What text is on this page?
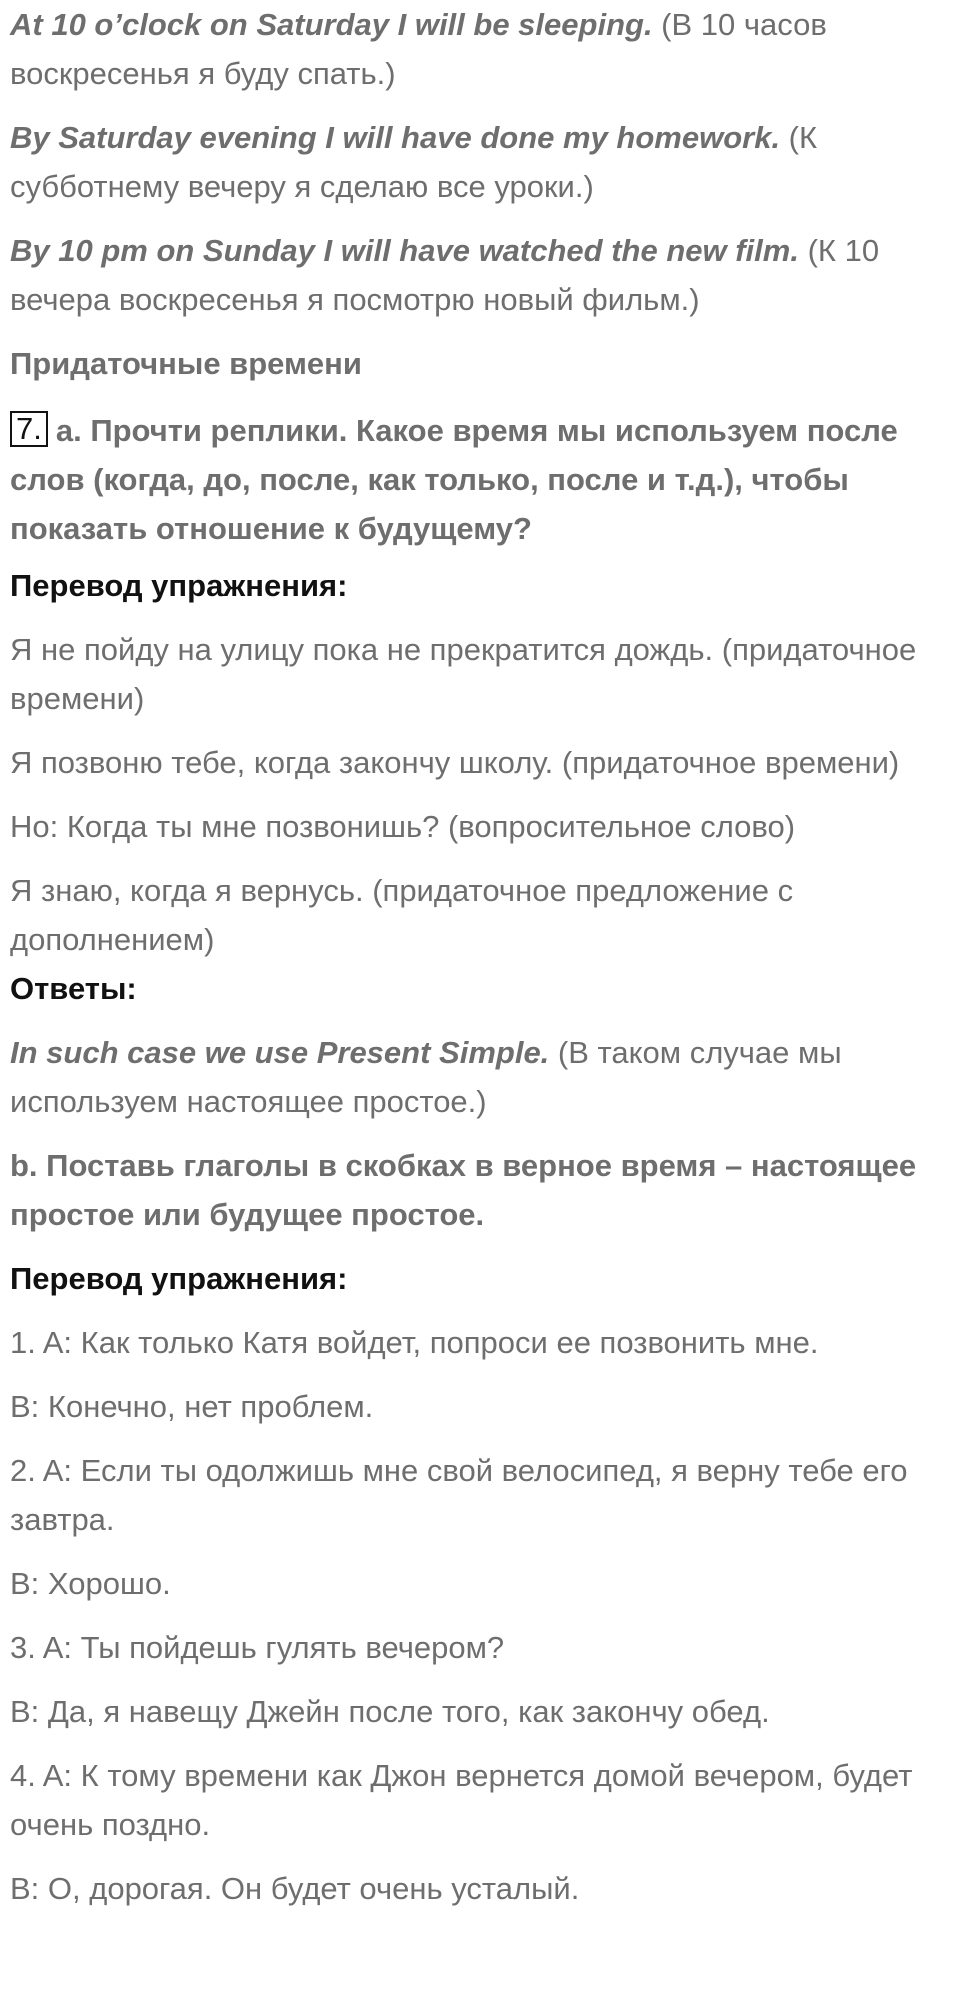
At 10 o’clock on Saturday I will be sleeping. (В 10 часов воскресенья я буду спать.)

By Saturday evening I will have done my homework. (К субботнему вечеру я сделаю все уроки.)

By 10 pm on Sunday I will have watched the new film. (К 10 вечера воскресенья я посмотрю новый фильм.)

Придаточные времени

7. a. Прочти реплики. Какое время мы используем после слов (когда, до, после, как только, после и т.д.), чтобы показать отношение к будущему?

Перевод упражнения:

Я не пойду на улицу пока не прекратится дождь. (придаточное времени)

Я позвоню тебе, когда закончу школу. (придаточное времени)

Но: Когда ты мне позвонишь? (вопросительное слово)

Я знаю, когда я вернусь. (придаточное предложение с дополнением)

Ответы:

In such case we use Present Simple. (В таком случае мы используем настоящее простое.)

b. Поставь глаголы в скобках в верное время – настоящее простое или будущее простое.

Перевод упражнения:

1. A: Как только Катя войдет, попроси ее позвонить мне.

B: Конечно, нет проблем.

2. A: Если ты одолжишь мне свой велосипед, я верну тебе его завтра.

B: Хорошо.

3. A: Ты пойдешь гулять вечером?

B: Да, я навещу Джейн после того, как закончу обед.

4. A: К тому времени как Джон вернется домой вечером, будет очень поздно.

B: О, дорогая. Он будет очень усталый.
